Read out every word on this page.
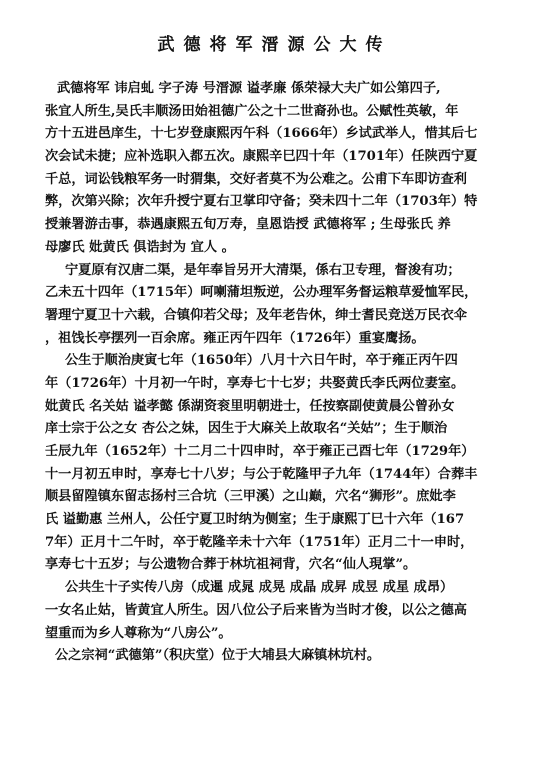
武德将军溍源公大传
武德将军 讳启虬 字子涛 号溍源 谥孝廉 係荣禄大夫广如公第四子,
张宜人所生,吴氏丰顺汤田始祖德广公之十二世裔孙也。公赋性英敏，年
方十五进邑庠生，十七岁登康熙丙午科（1666年）乡试武举人，惜其后七
次会试未捷；应补选职入都五次。康熙辛巳四十年（1701年）任陕西宁夏
千总，词讼钱粮军务一时猬集，交好者莫不为公难之。公甫下车即访查利
弊，次第兴除；次年升授宁夏右卫掌印守备；癸未四十二年（1703年）特
授兼署游击事，恭遇康熙五旬万寿，皇恩诰授 武德将军 ; 生母张氏 养
母廖氏 妣黄氏 俱诰封为 宜人 。
宁夏原有汉唐二渠，是年奉旨另开大清渠，係右卫专理，督浚有功；
乙未五十四年（1715年）呵喇蒲坦叛逆，公办理军务督运粮草爱恤军民，
署理宁夏卫十六载，合镇仰若父母；及年老告休，绅士耆民竞送万民衣伞
，祖饯长亭摆列一百余席。雍正丙午四年（1726年）重宴鹰扬。
公生于顺治庚寅七年（1650年）八月十六日午时，卒于雍正丙午四
年（1726年）十月初一午时，享寿七十七岁；共娶黄氏李氏两位妻室。
妣黄氏 名关姑 谥孝懿 係湖资衮里明朝进士，任按察副使黄晨公曾孙女
庠士宗于公之女 杏公之妹，因生于大麻关上故取名“关姑”；生于顺治
壬辰九年（1652年）十二月二十四申时，卒于雍正己酉七年（1729年）
十一月初五申时，享寿七十八岁；与公于乾隆甲子九年（1744年）合葬丰
顺县留隍镇东留志扬村三合坑（三甲溪）之山巅，穴名“狮形”。庶妣李
氏 谥勤惠 兰州人，公任宁夏卫时纳为侧室；生于康熙丁巳十六年（167
7年）正月十二午时，卒于乾隆辛未十六年（1751年）正月二十一申时，
享寿七十五岁；与公遗物合葬于林坑祖祠背，穴名“仙人現掌”。
公共生十子实传八房（成暹 成晁 成晃 成晶 成昇 成昱 成星 成昂）
一女名止姑，皆黄宜人所生。因八位公子后来皆为当时才俊，以公之德高
望重而为乡人尊称为“八房公”。
公之宗祠“武德第”（积庆堂）位于大埔县大麻镇林坑村。
